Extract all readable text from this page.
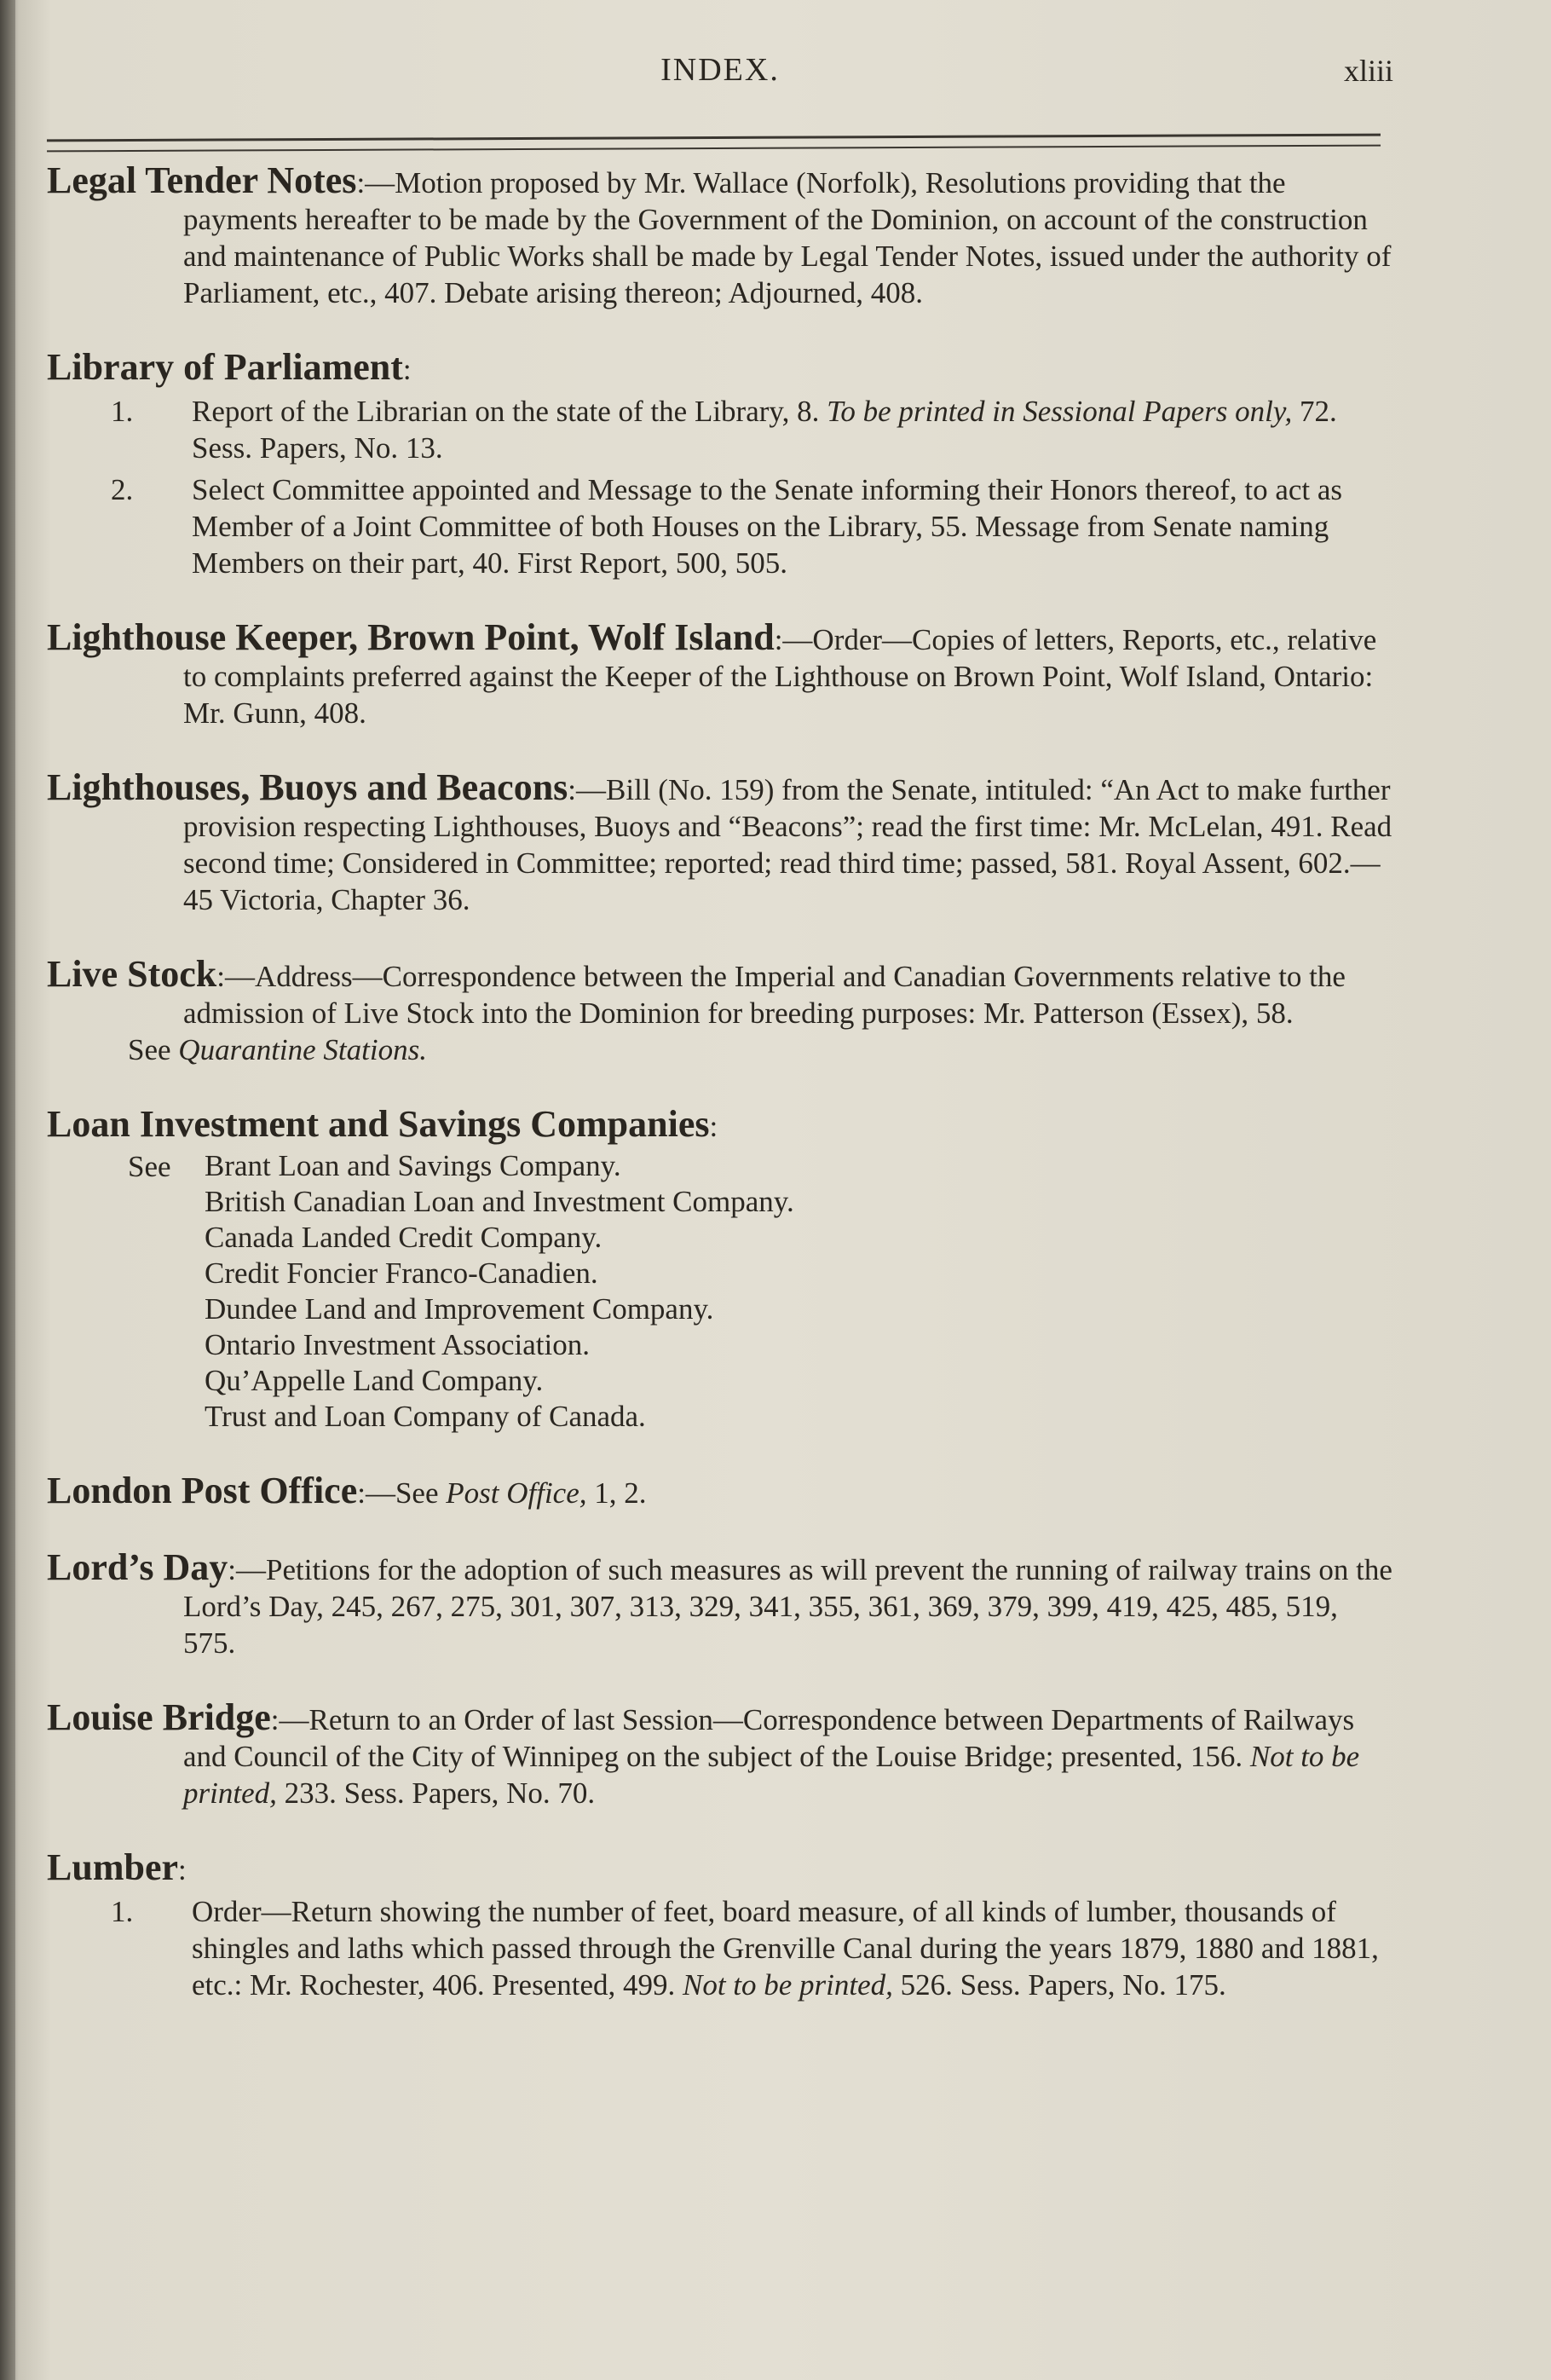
INDEX.	xliii
Legal Tender Notes:—Motion proposed by Mr. Wallace (Norfolk), Resolutions providing that the payments hereafter to be made by the Government of the Dominion, on account of the construction and maintenance of Public Works shall be made by Legal Tender Notes, issued under the authority of Parliament, etc., 407. Debate arising thereon; Adjourned, 408.
Library of Parliament:
1. Report of the Librarian on the state of the Library, 8. To be printed in Sessional Papers only, 72. Sess. Papers, No. 13.
2. Select Committee appointed and Message to the Senate informing their Honors thereof, to act as Member of a Joint Committee of both Houses on the Library, 55. Message from Senate naming Members on their part, 40. First Report, 500, 505.
Lighthouse Keeper, Brown Point, Wolf Island:—Order—Copies of letters, Reports, etc., relative to complaints preferred against the Keeper of the Lighthouse on Brown Point, Wolf Island, Ontario: Mr. Gunn, 408.
Lighthouses, Buoys and Beacons:—Bill (No. 159) from the Senate, intituled: “An Act to make further provision respecting Lighthouses, Buoys and “Beacons”; read the first time: Mr. McLelan, 491. Read second time; Considered in Committee; reported; read third time; passed, 581. Royal Assent, 602.—45 Victoria, Chapter 36.
Live Stock:—Address—Correspondence between the Imperial and Canadian Governments relative to the admission of Live Stock into the Dominion for breeding purposes: Mr. Patterson (Essex), 58.
See Quarantine Stations.
Loan Investment and Savings Companies:
See Brant Loan and Savings Company.
British Canadian Loan and Investment Company.
Canada Landed Credit Company.
Credit Foncier Franco-Canadien.
Dundee Land and Improvement Company.
Ontario Investment Association.
Qu’Appelle Land Company.
Trust and Loan Company of Canada.
London Post Office:—See Post Office, 1, 2.
Lord’s Day:—Petitions for the adoption of such measures as will prevent the running of railway trains on the Lord’s Day, 245, 267, 275, 301, 307, 313, 329, 341, 355, 361, 369, 379, 399, 419, 425, 485, 519, 575.
Louise Bridge:—Return to an Order of last Session—Correspondence between Departments of Railways and Council of the City of Winnipeg on the subject of the Louise Bridge; presented, 156. Not to be printed, 233. Sess. Papers, No. 70.
Lumber:
1. Order—Return showing the number of feet, board measure, of all kinds of lumber, thousands of shingles and laths which passed through the Grenville Canal during the years 1879, 1880 and 1881, etc.: Mr. Rochester, 406. Presented, 499. Not to be printed, 526. Sess. Papers, No. 175.
